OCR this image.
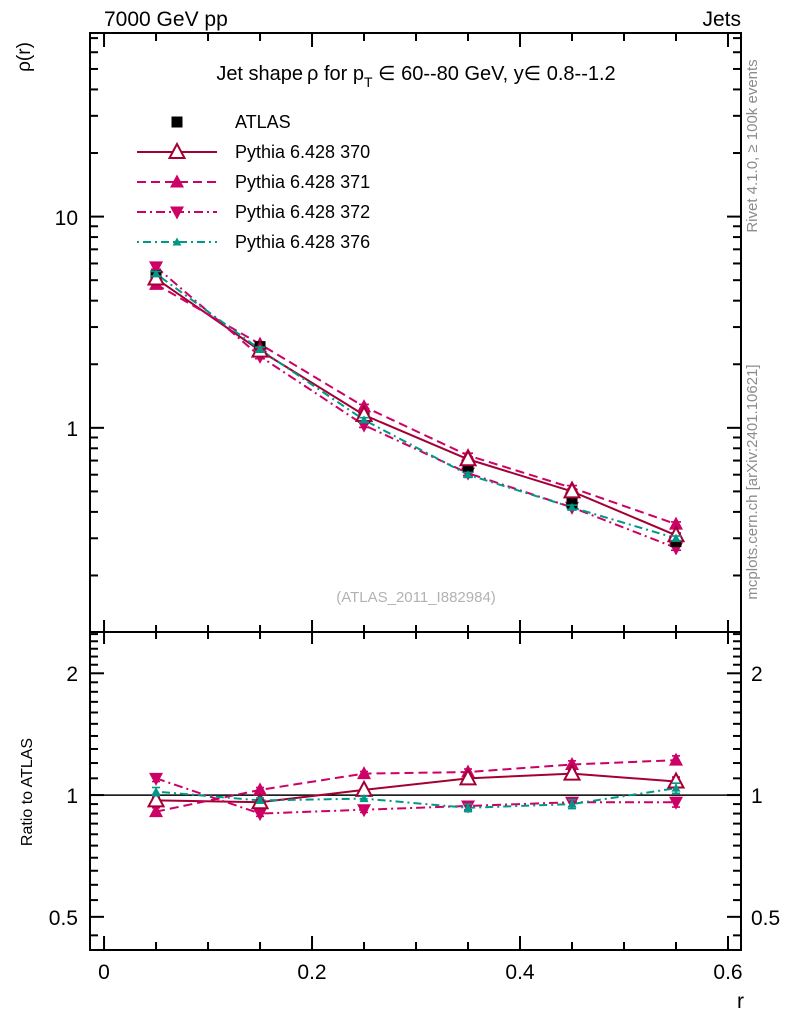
ATLAS
Pythia 6.428 370
Pythia 6.428 371
Pythia 6.428 372
Pythia 6.428 376
7000 GeV pp	Jets
Jet shape ρ for $p_T$ ∈ 60--80 GeV, y∈ 0.8--1.2
ρ(r)
Ratio to ATLAS
Rivet 4.1.0, ≥ 100k events
mcplots.cern.ch [arXiv:2401.10621]
(ATLAS_2011_I882984)
10
1
2
1
0.5
2
1
0.5
0	0.2	0.4	0.6
r
